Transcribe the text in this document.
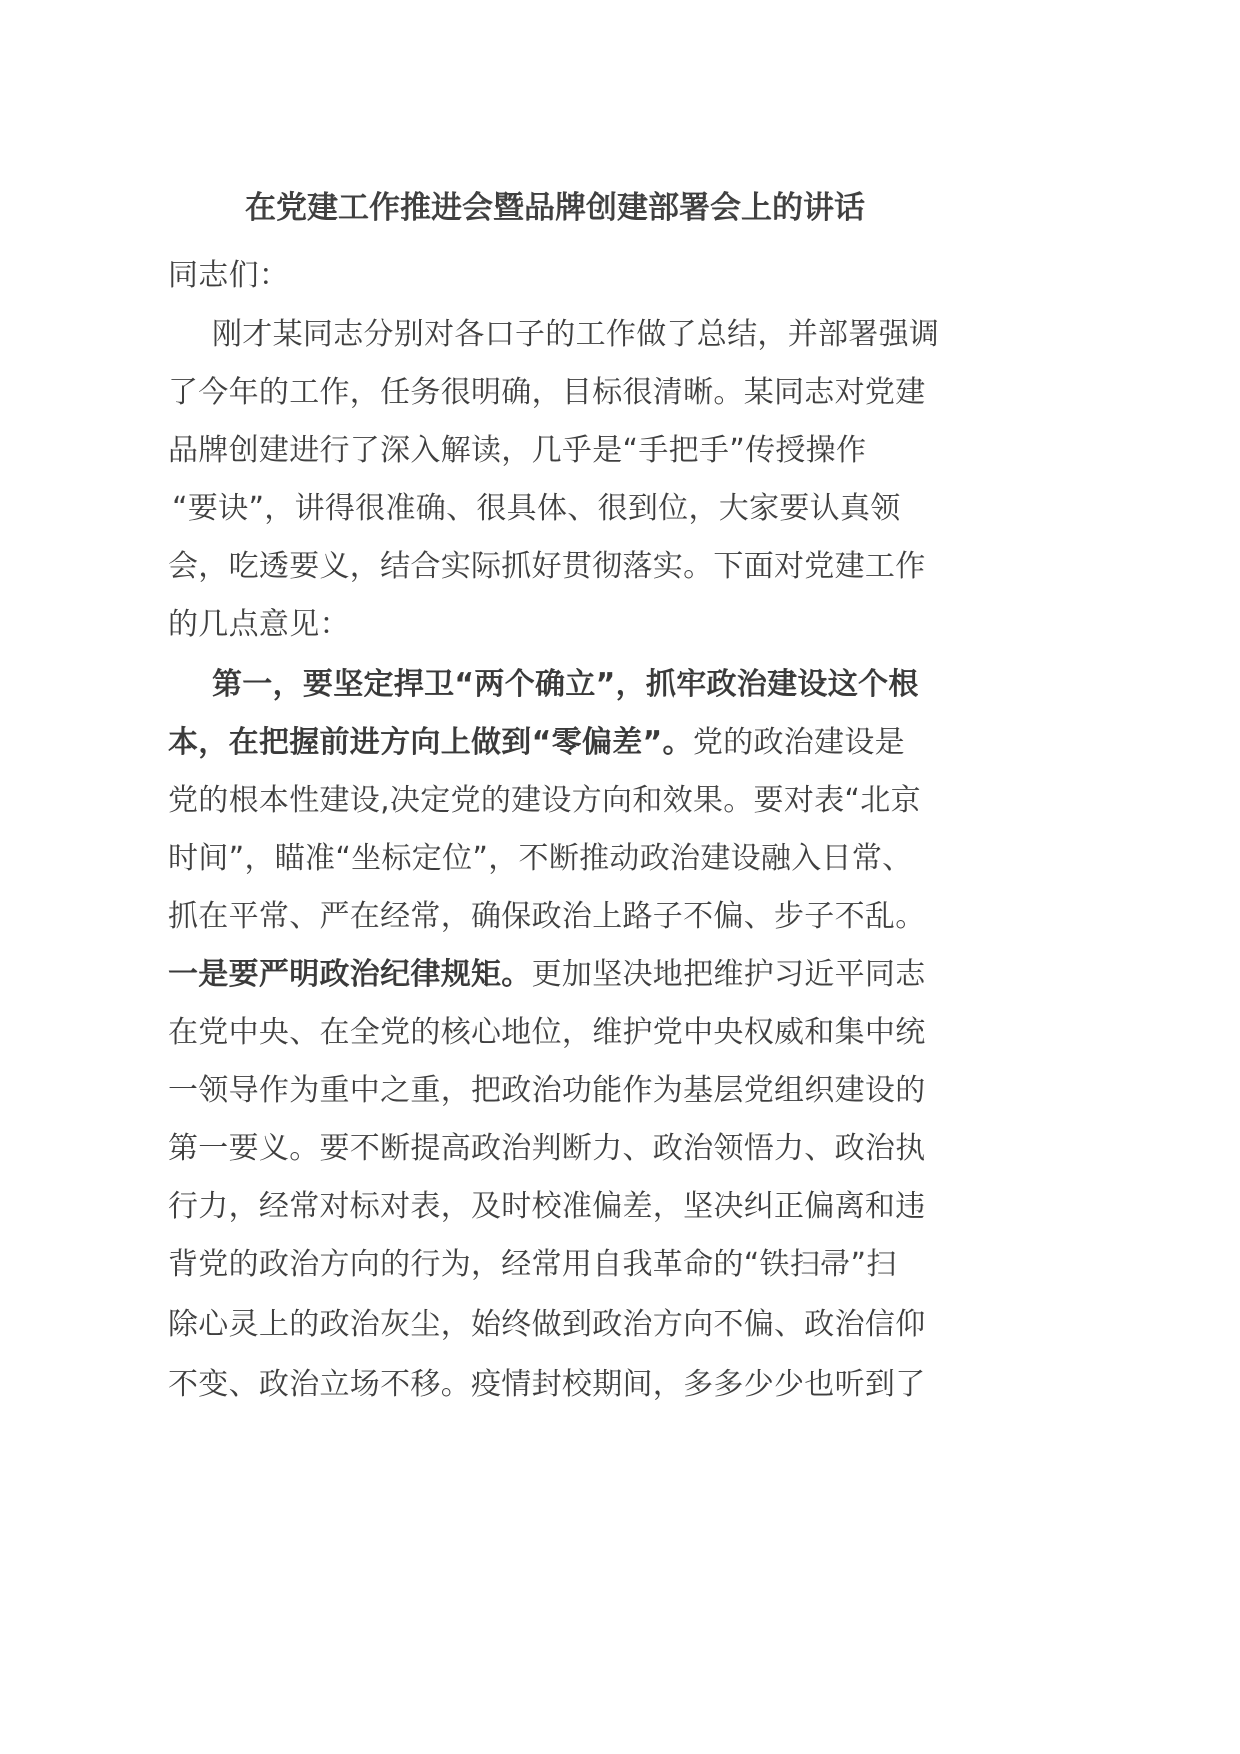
在党建工作推进会暨品牌创建部署会上的讲话
同志们：
刚才某同志分别对各口子的工作做了总结，并部署强调
了今年的工作，任务很明确，目标很清晰。某同志对党建
品牌创建进行了深入解读，几乎是“手把手”传授操作
“要诀”，讲得很准确、很具体、很到位，大家要认真领
会，吃透要义，结合实际抓好贯彻落实。下面对党建工作
的几点意见：
第一，要坚定捍卫“两个确立”，抓牢政治建设这个根
本，在把握前进方向上做到“零偏差”。党的政治建设是
党的根本性建设,决定党的建设方向和效果。要对表“北京
时间”，瞄准“坐标定位”，不断推动政治建设融入日常、
抓在平常、严在经常，确保政治上路子不偏、步子不乱。
一是要严明政治纪律规矩。更加坚决地把维护习近平同志
在党中央、在全党的核心地位，维护党中央权威和集中统
一领导作为重中之重，把政治功能作为基层党组织建设的
第一要义。要不断提高政治判断力、政治领悟力、政治执
行力，经常对标对表，及时校准偏差，坚决纠正偏离和违
背党的政治方向的行为，经常用自我革命的“铁扫帚”扫
除心灵上的政治灰尘，始终做到政治方向不偏、政治信仰
不变、政治立场不移。疫情封校期间，多多少少也听到了
